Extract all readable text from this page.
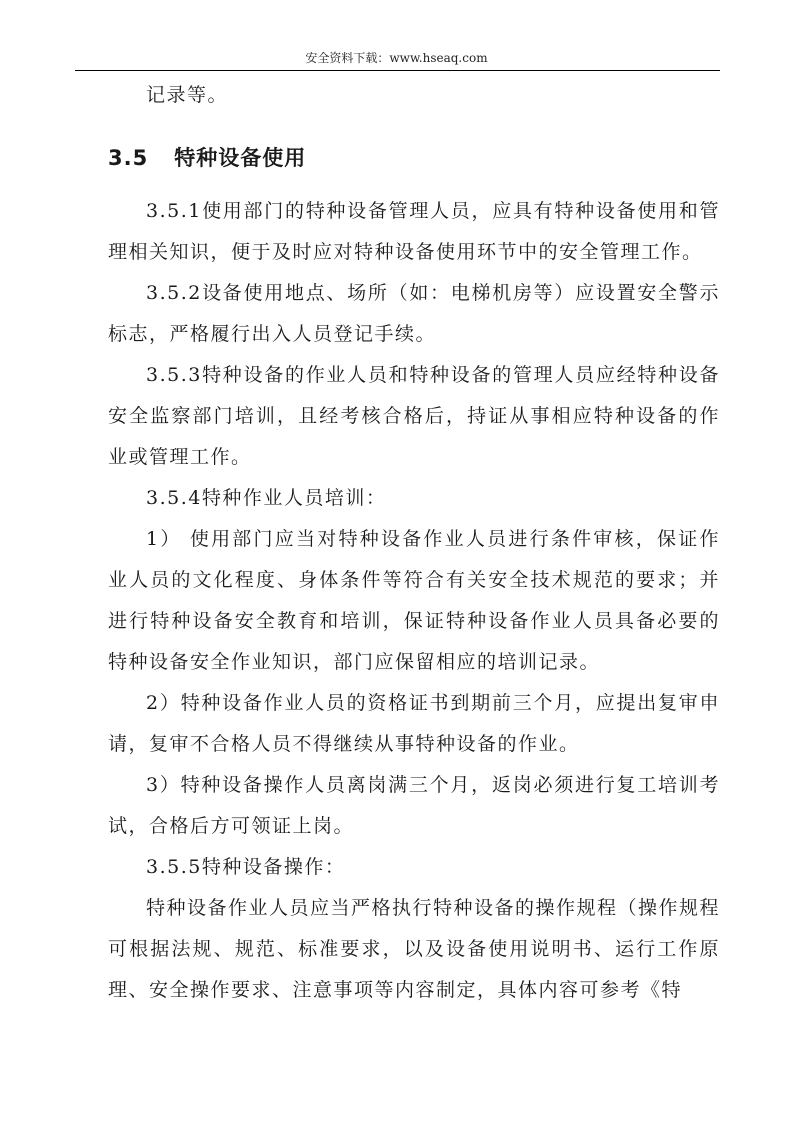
安全资料下载：www.hseaq.com

记录等。

3.5 特种设备使用

3.5.1使用部门的特种设备管理人员，应具有特种设备使用和管理相关知识，便于及时应对特种设备使用环节中的安全管理工作。

3.5.2设备使用地点、场所（如：电梯机房等）应设置安全警示标志，严格履行出入人员登记手续。

3.5.3特种设备的作业人员和特种设备的管理人员应经特种设备安全监察部门培训，且经考核合格后，持证从事相应特种设备的作业或管理工作。

3.5.4特种作业人员培训：

1） 使用部门应当对特种设备作业人员进行条件审核，保证作业人员的文化程度、身体条件等符合有关安全技术规范的要求；并进行特种设备安全教育和培训，保证特种设备作业人员具备必要的特种设备安全作业知识，部门应保留相应的培训记录。

2）特种设备作业人员的资格证书到期前三个月，应提出复审申请，复审不合格人员不得继续从事特种设备的作业。

3）特种设备操作人员离岗满三个月，返岗必须进行复工培训考试，合格后方可领证上岗。

3.5.5特种设备操作：

特种设备作业人员应当严格执行特种设备的操作规程（操作规程可根据法规、规范、标准要求，以及设备使用说明书、运行工作原理、安全操作要求、注意事项等内容制定，具体内容可参考《特
